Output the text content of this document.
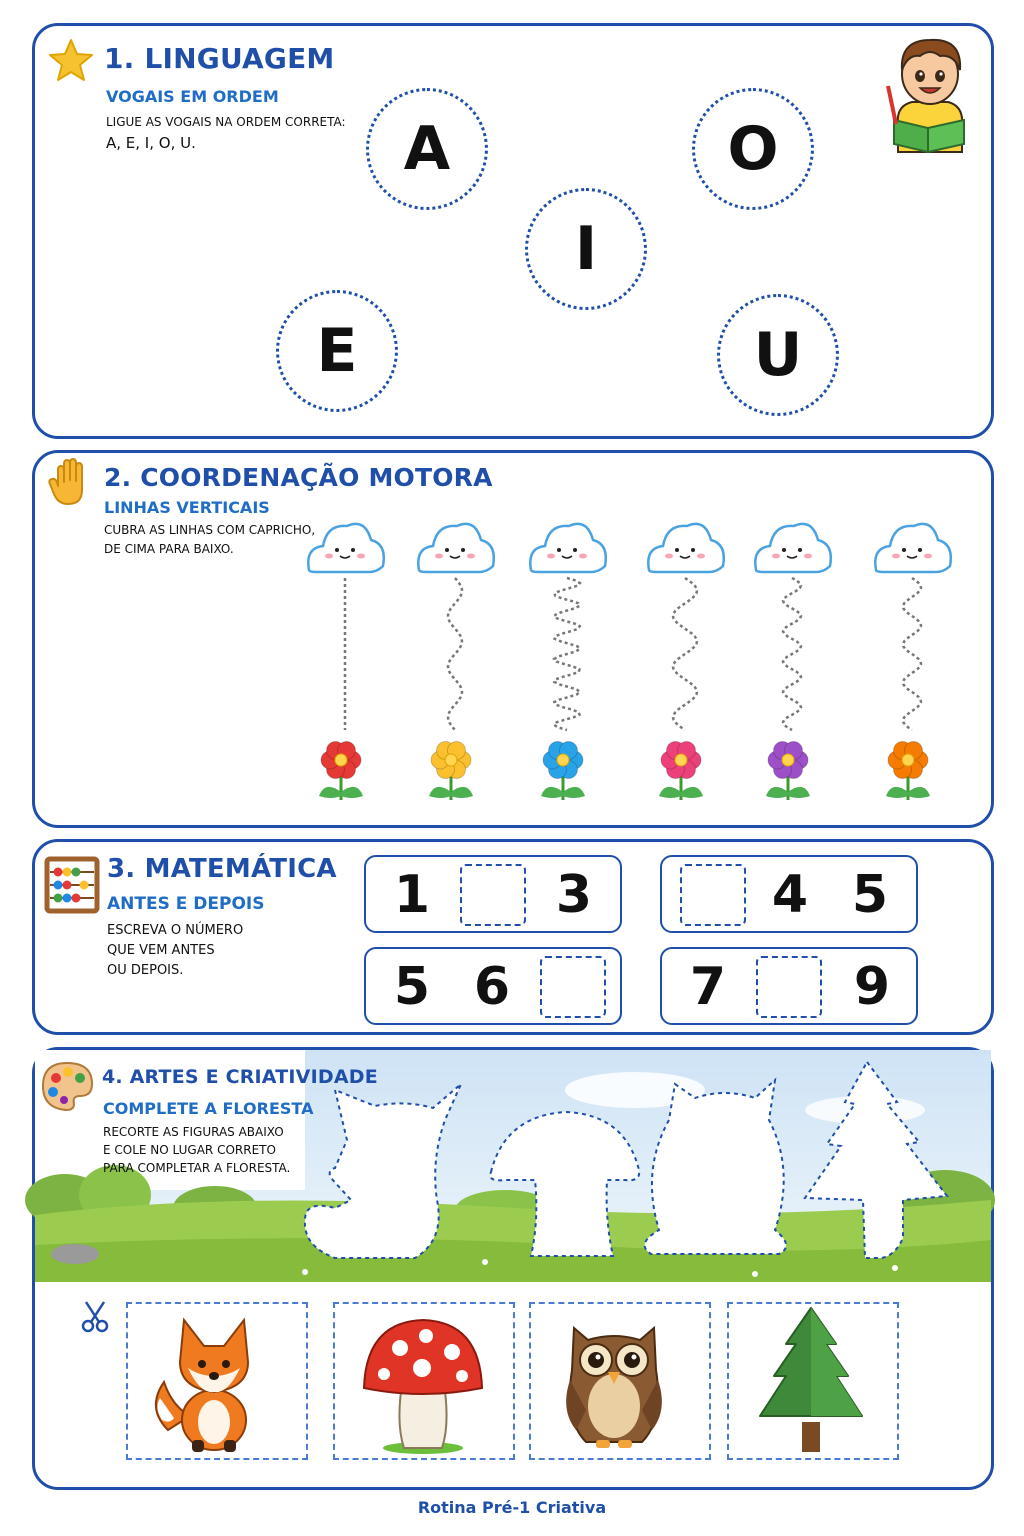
1. LINGUAGEM
VOGAIS EM ORDEM
LIGUE AS VOGAIS NA ORDEM CORRETA:
A, E, I, O, U.	A
E
I
O
U
2. COORDENAÇÃO MOTORA
LINHAS VERTICAIS
CUBRA AS LINHAS COM CAPRICHO,
DE CIMA PARA BAIXO.
3. MATEMÁTICA
ANTES E DEPOIS
ESCREVA O NÚMERO
QUE VEM ANTES
OU DEPOIS.
1 3	4 5
5 6	7 9
4. ARTES E CRIATIVIDADE
COMPLETE A FLORESTA
RECORTE AS FIGURAS ABAIXO
E COLE NO LUGAR CORRETO
PARA COMPLETAR A FLORESTA.
Rotina Pré-1 Criativa
